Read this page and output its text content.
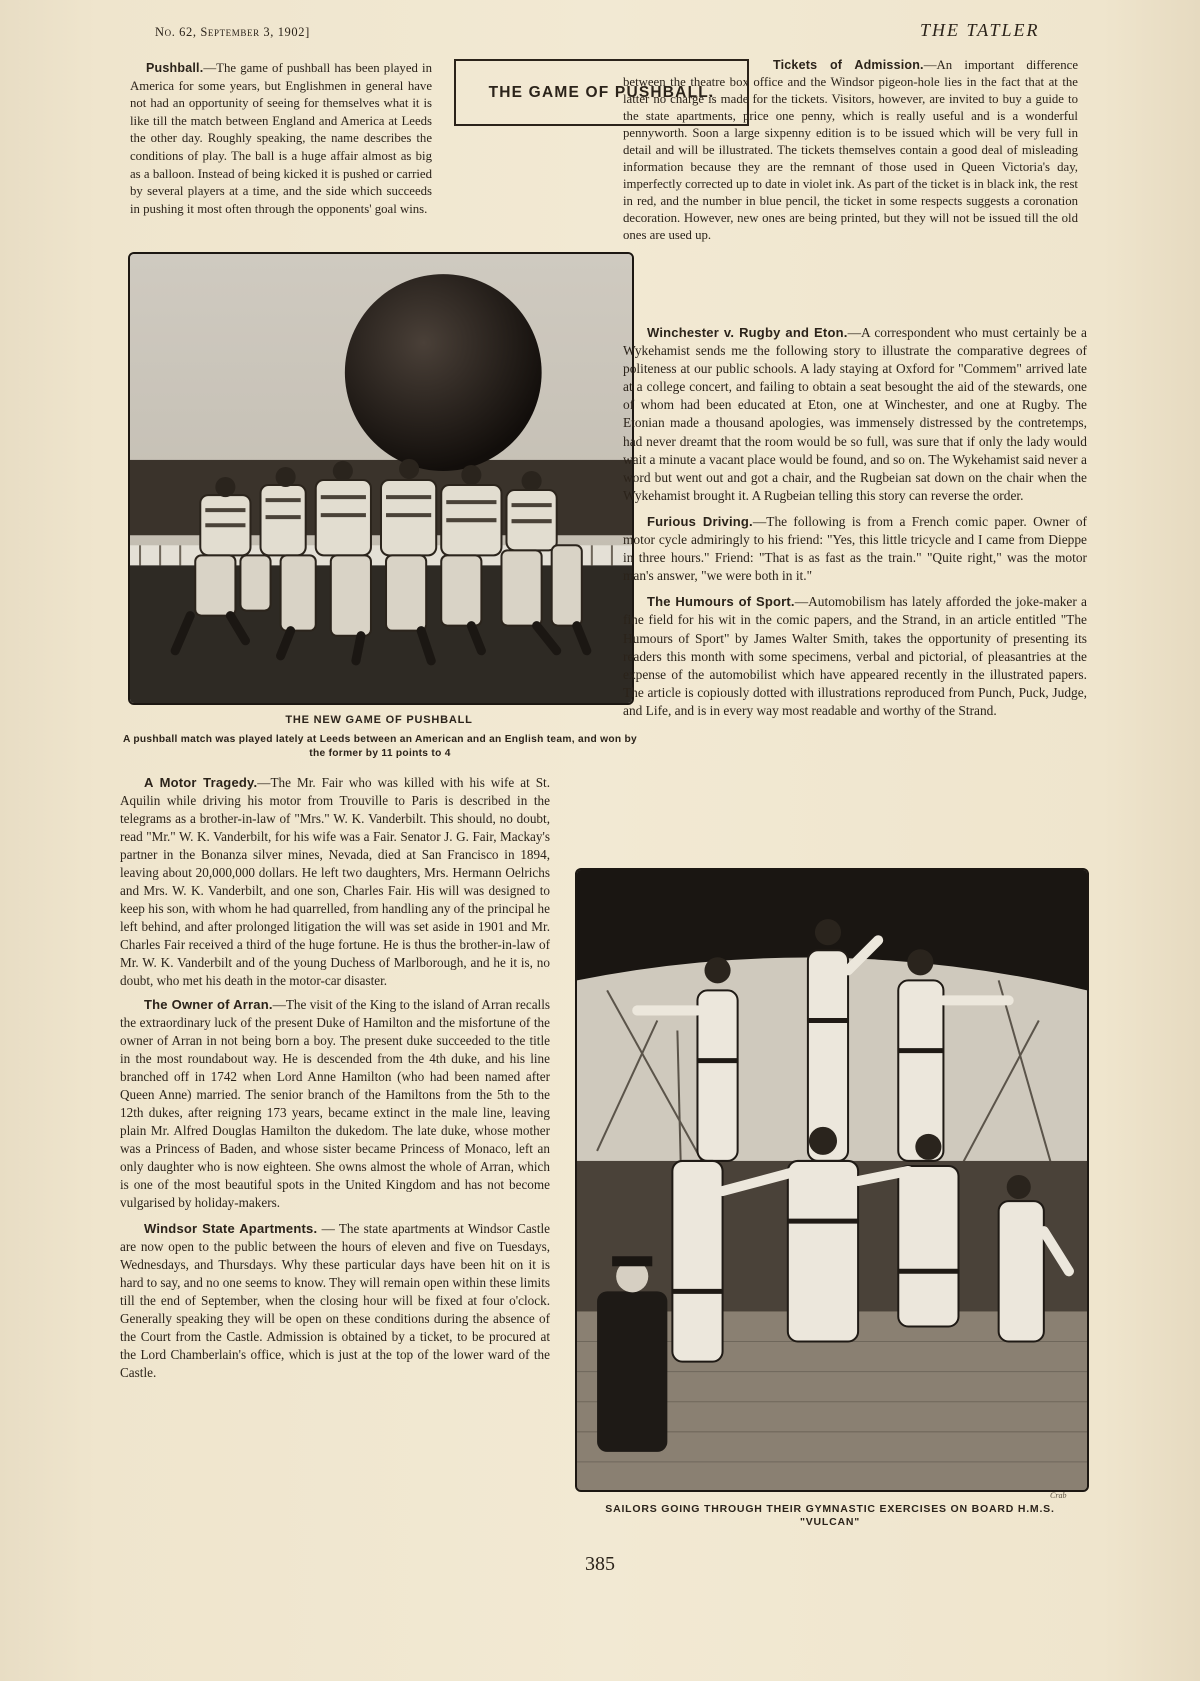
No. 62, September 3, 1902]	THE TATLER
THE GAME OF PUSHBALL.

Pushball.—The game of pushball has been played in America for some years, but Englishmen in general have not had an opportunity of seeing for themselves what it is like till the match between England and America at Leeds the other day. Roughly speaking, the name describes the conditions of play. The ball is a huge affair almost as big as a balloon. Instead of being kicked it is pushed or carried by several players at a time, and the side which succeeds in pushing it most often through the opponents' goal wins.

THE NEW GAME OF PUSHBALL
A pushball match was played lately at Leeds between an American and an English team, and won by the former by 11 points to 4

Tickets of Admission.—An important difference between the theatre box office and the Windsor pigeon-hole lies in the fact that at the latter no charge is made for the tickets. Visitors, however, are invited to buy a guide to the state apartments, price one penny, which is really useful and is a wonderful pennyworth. Soon a large sixpenny edition is to be issued which will be very full in detail and will be illustrated. The tickets themselves contain a good deal of misleading information because they are the remnant of those used in Queen Victoria's day, imperfectly corrected up to date in violet ink. As part of the ticket is in black ink, the rest in red, and the number in blue pencil, the ticket in some respects suggests a coronation decoration. However, new ones are being printed, but they will not be issued till the old ones are used up.

Winchester v. Rugby and Eton.—A correspondent who must certainly be a Wykehamist sends me the following story to illustrate the comparative degrees of politeness at our public schools. A lady staying at Oxford for "Commem" arrived late at a college concert, and failing to obtain a seat besought the aid of the stewards, one of whom had been educated at Eton, one at Winchester, and one at Rugby. The Etonian made a thousand apologies, was immensely distressed by the contretemps, had never dreamt that the room would be so full, was sure that if only the lady would wait a minute a vacant place would be found, and so on. The Wykehamist said never a word but went out and got a chair, and the Rugbeian sat down on the chair when the Wykehamist brought it. A Rugbeian telling this story can reverse the order.

Furious Driving.—The following is from a French comic paper. Owner of motor cycle admiringly to his friend: "Yes, this little tricycle and I came from Dieppe in three hours." Friend: "That is as fast as the train." "Quite right," was the motor man's answer, "we were both in it."

The Humours of Sport.—Automobilism has lately afforded the joke-maker a fine field for his wit in the comic papers, and the Strand, in an article entitled "The Humours of Sport" by James Walter Smith, takes the opportunity of presenting its readers this month with some specimens, verbal and pictorial, of pleasantries at the expense of the automobilist which have appeared recently in the illustrated papers. The article is copiously dotted with illustrations reproduced from Punch, Puck, Judge, and Life, and is in every way most readable and worthy of the Strand.

A Motor Tragedy.—The Mr. Fair who was killed with his wife at St. Aquilin while driving his motor from Trouville to Paris is described in the telegrams as a brother-in-law of "Mrs." W. K. Vanderbilt. This should, no doubt, read "Mr." W. K. Vanderbilt, for his wife was a Fair. Senator J. G. Fair, Mackay's partner in the Bonanza silver mines, Nevada, died at San Francisco in 1894, leaving about 20,000,000 dollars. He left two daughters, Mrs. Hermann Oelrichs and Mrs. W. K. Vanderbilt, and one son, Charles Fair. His will was designed to keep his son, with whom he had quarrelled, from handling any of the principal he left behind, and after prolonged litigation the will was set aside in 1901 and Mr. Charles Fair received a third of the huge fortune. He is thus the brother-in-law of Mr. W. K. Vanderbilt and of the young Duchess of Marlborough, and he it is, no doubt, who met his death in the motor-car disaster.

The Owner of Arran.—The visit of the King to the island of Arran recalls the extraordinary luck of the present Duke of Hamilton and the misfortune of the owner of Arran in not being born a boy. The present duke succeeded to the title in the most roundabout way. He is descended from the 4th duke, and his line branched off in 1742 when Lord Anne Hamilton (who had been named after Queen Anne) married. The senior branch of the Hamiltons from the 5th to the 12th dukes, after reigning 173 years, became extinct in the male line, leaving plain Mr. Alfred Douglas Hamilton the dukedom. The late duke, whose mother was a Princess of Baden, and whose sister became Princess of Monaco, left an only daughter who is now eighteen. She owns almost the whole of Arran, which is one of the most beautiful spots in the United Kingdom and has not become vulgarised by holiday-makers.

Windsor State Apartments. — The state apartments at Windsor Castle are now open to the public between the hours of eleven and five on Tuesdays, Wednesdays, and Thursdays. Why these particular days have been hit on it is hard to say, and no one seems to know. They will remain open within these limits till the end of September, when the closing hour will be fixed at four o'clock. Generally speaking they will be open on these conditions during the absence of the Court from the Castle. Admission is obtained by a ticket, to be procured at the Lord Chamberlain's office, which is just at the top of the lower ward of the Castle.

Crab
SAILORS GOING THROUGH THEIR GYMNASTIC EXERCISES ON BOARD H.M.S. "VULCAN"
385
